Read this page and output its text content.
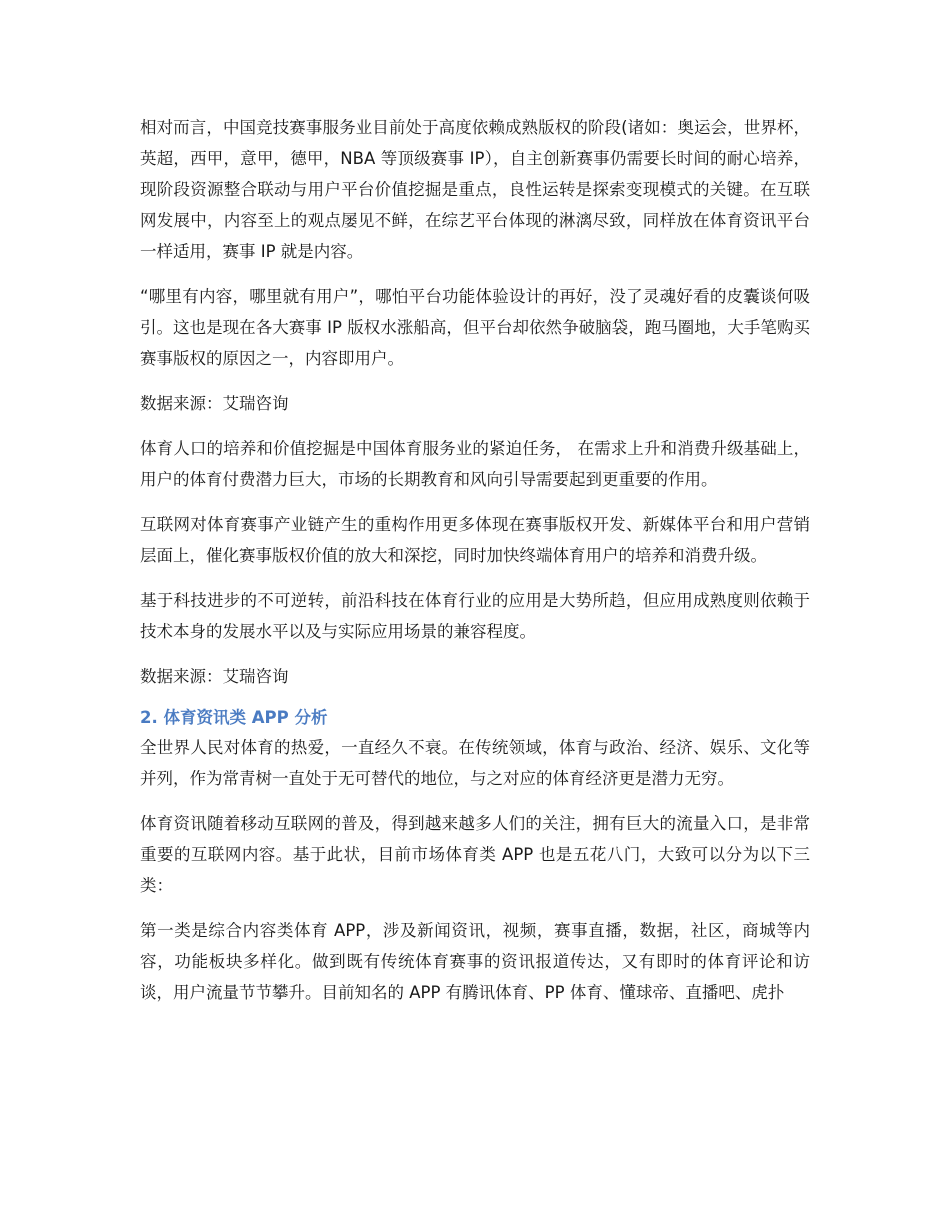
相对而言，中国竞技赛事服务业目前处于高度依赖成熟版权的阶段(诸如：奥运会，世界杯，英超，西甲，意甲，德甲，NBA 等顶级赛事 IP），自主创新赛事仍需要长时间的耐心培养，现阶段资源整合联动与用户平台价值挖掘是重点，良性运转是探索变现模式的关键。在互联网发展中，内容至上的观点屡见不鲜，在综艺平台体现的淋漓尽致，同样放在体育资讯平台一样适用，赛事 IP 就是内容。

“哪里有内容，哪里就有用户”，哪怕平台功能体验设计的再好，没了灵魂好看的皮囊谈何吸引。这也是现在各大赛事 IP 版权水涨船高，但平台却依然争破脑袋，跑马圈地，大手笔购买赛事版权的原因之一，内容即用户。

数据来源：艾瑞咨询

体育人口的培养和价值挖掘是中国体育服务业的紧迫任务， 在需求上升和消费升级基础上，用户的体育付费潜力巨大，市场的长期教育和风向引导需要起到更重要的作用。

互联网对体育赛事产业链产生的重构作用更多体现在赛事版权开发、新媒体平台和用户营销层面上，催化赛事版权价值的放大和深挖，同时加快终端体育用户的培养和消费升级。

基于科技进步的不可逆转，前沿科技在体育行业的应用是大势所趋，但应用成熟度则依赖于技术本身的发展水平以及与实际应用场景的兼容程度。

数据来源：艾瑞咨询

2. 体育资讯类 APP 分析

全世界人民对体育的热爱，一直经久不衰。在传统领域，体育与政治、经济、娱乐、文化等并列，作为常青树一直处于无可替代的地位，与之对应的体育经济更是潜力无穷。

体育资讯随着移动互联网的普及，得到越来越多人们的关注，拥有巨大的流量入口，是非常重要的互联网内容。基于此状，目前市场体育类 APP 也是五花八门，大致可以分为以下三类：

第一类是综合内容类体育 APP，涉及新闻资讯，视频，赛事直播，数据，社区，商城等内容，功能板块多样化。做到既有传统体育赛事的资讯报道传达，又有即时的体育评论和访谈，用户流量节节攀升。目前知名的 APP 有腾讯体育、PP 体育、懂球帝、直播吧、虎扑
